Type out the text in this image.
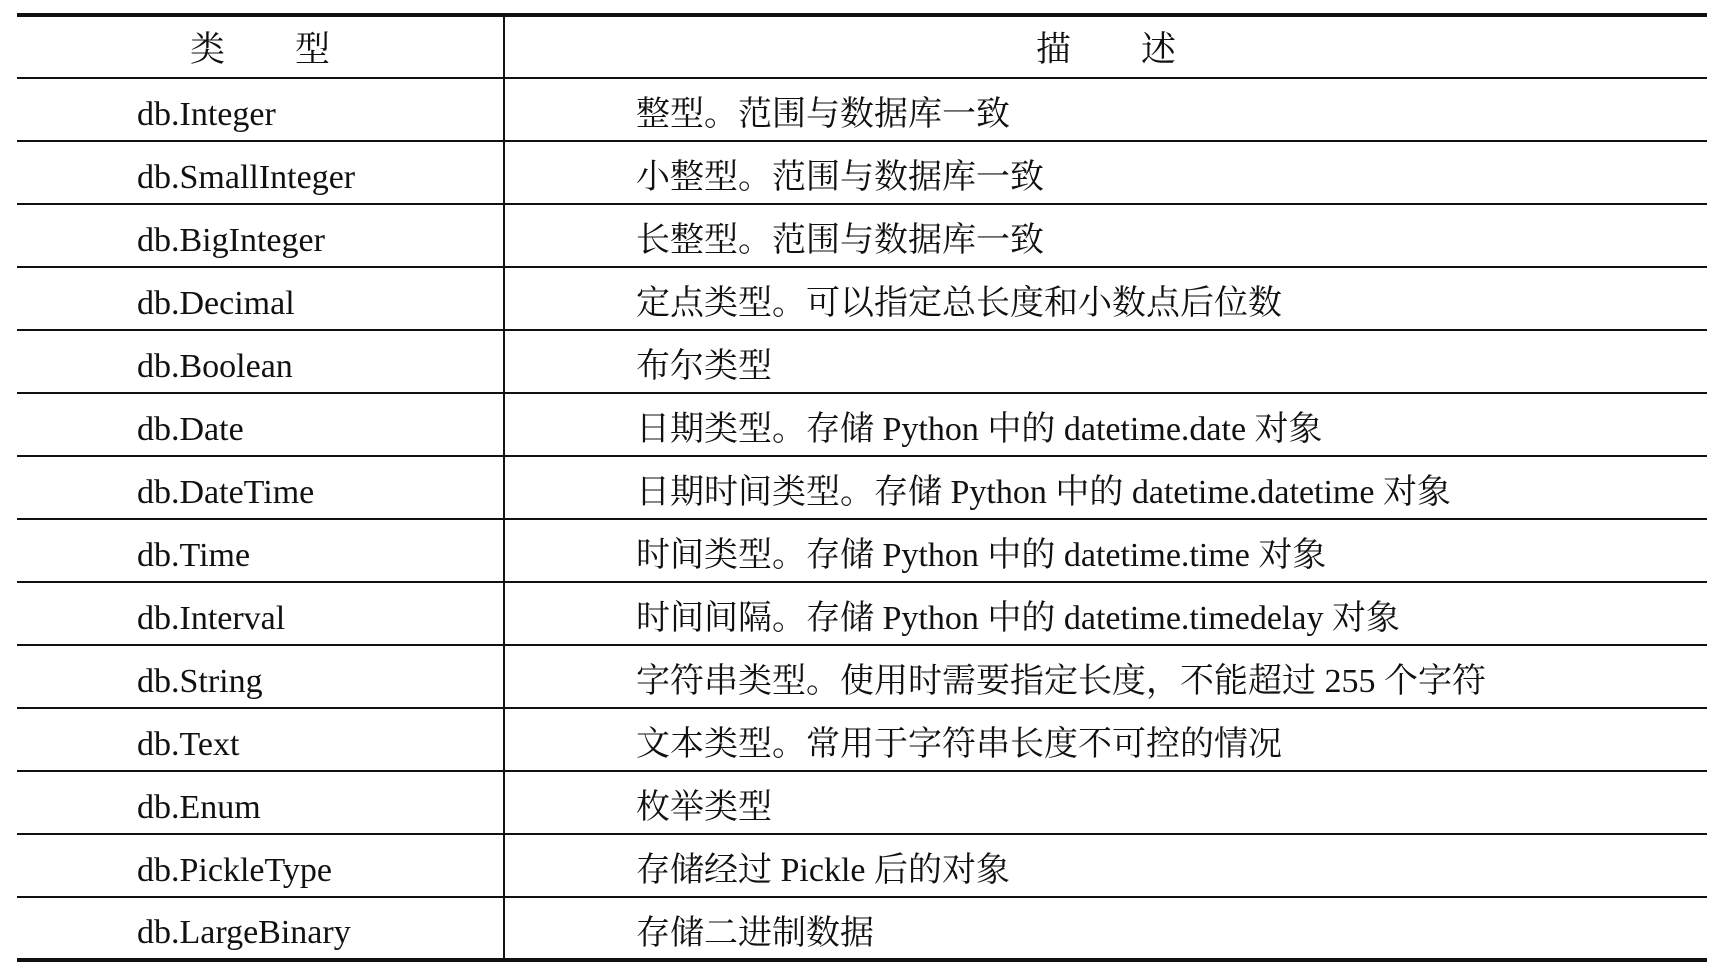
类　　型	描　　述
db.Integer	整型。范围与数据库一致
db.SmallInteger	小整型。范围与数据库一致
db.BigInteger	长整型。范围与数据库一致
db.Decimal	定点类型。可以指定总长度和小数点后位数
db.Boolean	布尔类型
db.Date	日期类型。存储 Python 中的 datetime.date 对象
db.DateTime	日期时间类型。存储 Python 中的 datetime.datetime 对象
db.Time	时间类型。存储 Python 中的 datetime.time 对象
db.Interval	时间间隔。存储 Python 中的 datetime.timedelay 对象
db.String	字符串类型。使用时需要指定长度，不能超过 255 个字符
db.Text	文本类型。常用于字符串长度不可控的情况
db.Enum	枚举类型
db.PickleType	存储经过 Pickle 后的对象
db.LargeBinary	存储二进制数据
